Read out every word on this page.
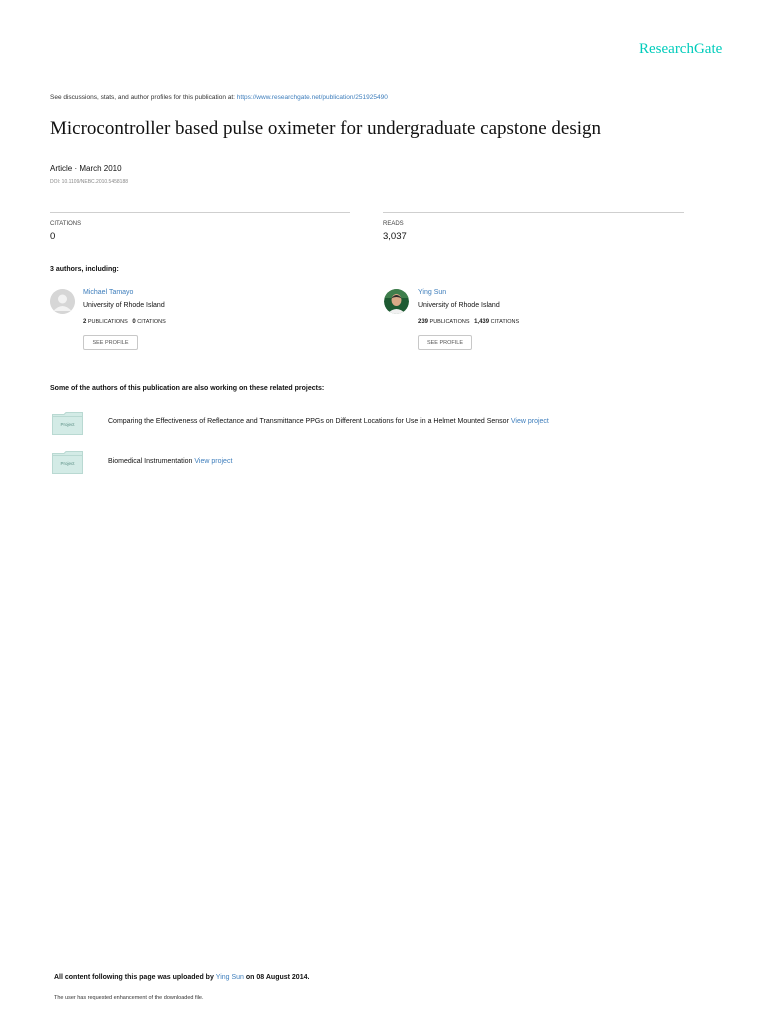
ResearchGate
See discussions, stats, and author profiles for this publication at: https://www.researchgate.net/publication/251925490
Microcontroller based pulse oximeter for undergraduate capstone design
Article · March 2010
DOI: 10.1109/NEBC.2010.5458188
CITATIONS
0
READS
3,037
3 authors, including:
Michael Tamayo
University of Rhode Island
2 PUBLICATIONS 0 CITATIONS
SEE PROFILE
Ying Sun
University of Rhode Island
239 PUBLICATIONS 1,439 CITATIONS
SEE PROFILE
Some of the authors of this publication are also working on these related projects:
Project	Comparing the Effectiveness of Reflectance and Transmittance PPGs on Different Locations for Use in a Helmet Mounted Sensor View project
Project	Biomedical Instrumentation View project
All content following this page was uploaded by Ying Sun on 08 August 2014.
The user has requested enhancement of the downloaded file.
